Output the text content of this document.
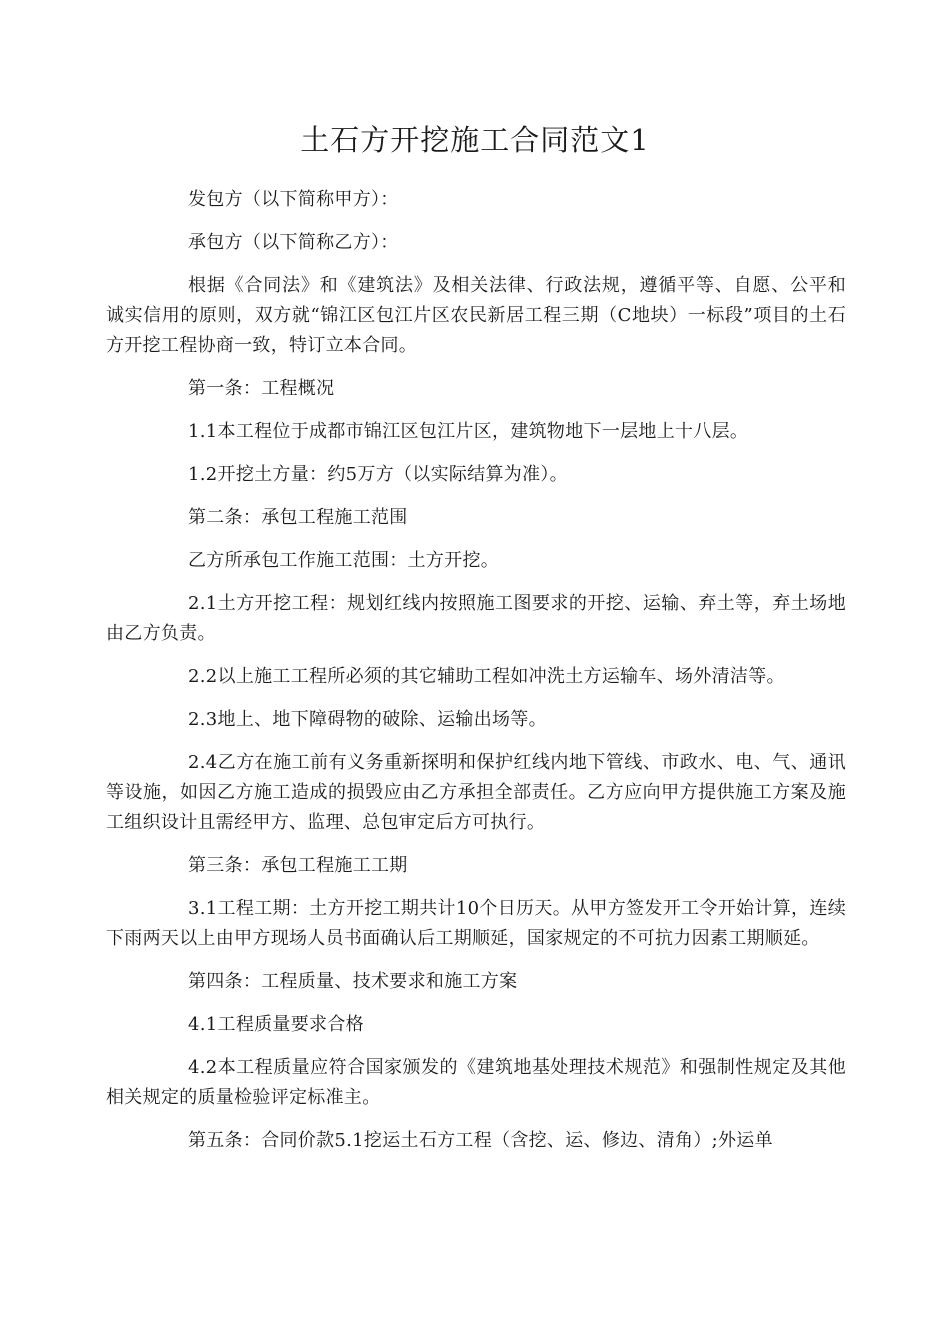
土石方开挖施工合同范文1

发包方（以下简称甲方）：

承包方（以下简称乙方）：

根据《合同法》和《建筑法》及相关法律、行政法规，遵循平等、自愿、公平和诚实信用的原则，双方就“锦江区包江片区农民新居工程三期（C地块）一标段”项目的土石方开挖工程协商一致，特订立本合同。

第一条：工程概况

1.1本工程位于成都市锦江区包江片区，建筑物地下一层地上十八层。

1.2开挖土方量：约5万方（以实际结算为准）。

第二条：承包工程施工范围

乙方所承包工作施工范围：土方开挖。

2.1土方开挖工程：规划红线内按照施工图要求的开挖、运输、弃土等，弃土场地由乙方负责。

2.2以上施工工程所必须的其它辅助工程如冲洗土方运输车、场外清洁等。

2.3地上、地下障碍物的破除、运输出场等。

2.4乙方在施工前有义务重新探明和保护红线内地下管线、市政水、电、气、通讯等设施，如因乙方施工造成的损毁应由乙方承担全部责任。乙方应向甲方提供施工方案及施工组织设计且需经甲方、监理、总包审定后方可执行。

第三条：承包工程施工工期

3.1工程工期：土方开挖工期共计10个日历天。从甲方签发开工令开始计算，连续下雨两天以上由甲方现场人员书面确认后工期顺延，国家规定的不可抗力因素工期顺延。

第四条：工程质量、技术要求和施工方案

4.1工程质量要求合格

4.2本工程质量应符合国家颁发的《建筑地基处理技术规范》和强制性规定及其他相关规定的质量检验评定标准主。

第五条：合同价款5.1挖运土石方工程（含挖、运、修边、清角）;外运单
